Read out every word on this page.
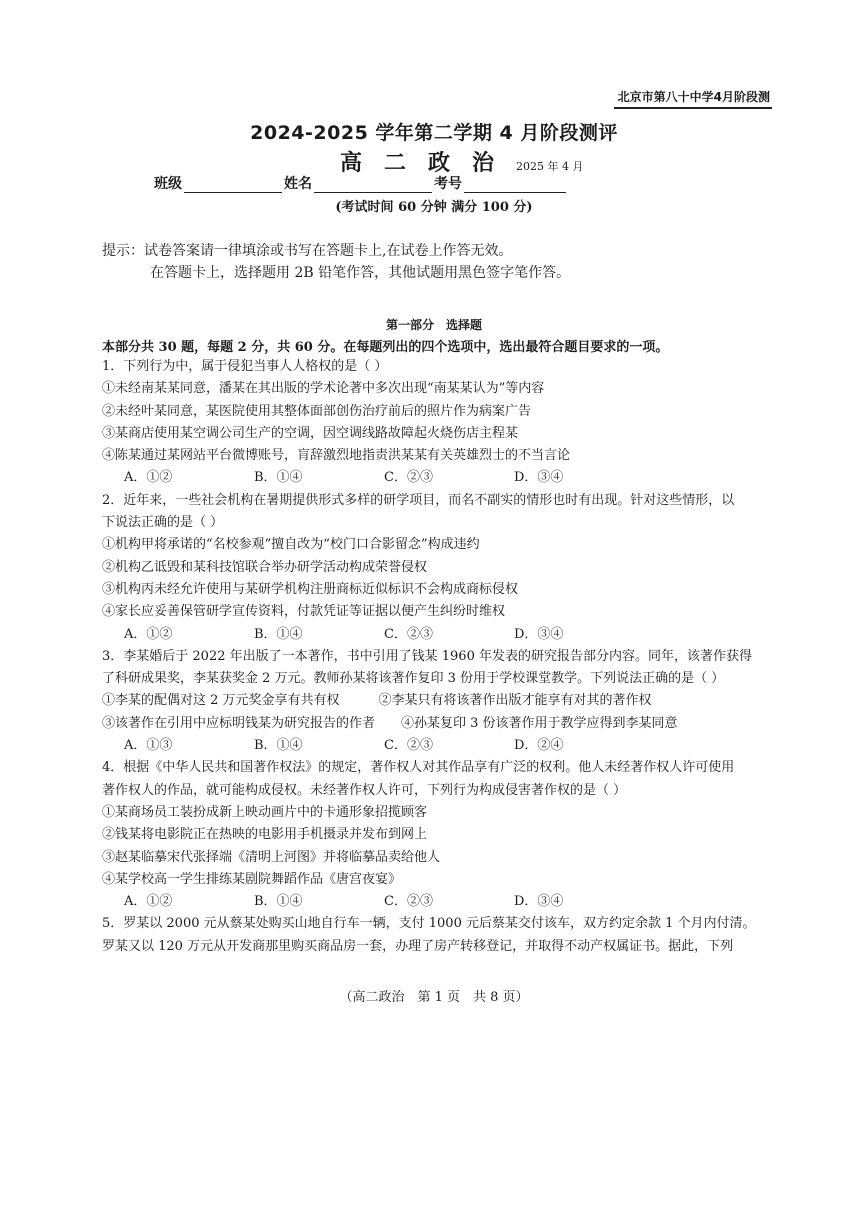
北京市第八十中学4月阶段测
2024-2025 学年第二学期 4 月阶段测评
高二政治 2025 年 4 月
班级	姓名	考号
(考试时间 60 分钟 满分 100 分)
提示：试卷答案请一律填涂或书写在答题卡上,在试卷上作答无效。
在答题卡上，选择题用 2B 铅笔作答，其他试题用黑色签字笔作答。
第一部分　选择题
本部分共 30 题，每题 2 分，共 60 分。在每题列出的四个选项中，选出最符合题目要求的一项。
1．下列行为中，属于侵犯当事人人格权的是（ ）
①未经南某某同意，潘某在其出版的学术论著中多次出现“南某某认为”等内容
②未经叶某同意，某医院使用其整体面部创伤治疗前后的照片作为病案广告
③某商店使用某空调公司生产的空调，因空调线路故障起火烧伤店主程某
④陈某通过某网站平台微博账号，肓辞激烈地指责洪某某有关英雄烈士的不当言论
A．①②	B．①④	C．②③	D．③④
2．近年来，一些社会机构在暑期提供形式多样的研学项目，而名不副实的情形也时有出现。针对这些情形，以
下说法正确的是（ ）
①机构甲将承诺的“名校参观”擅自改为“校门口合影留念”构成违约
②机构乙诋毁和某科技馆联合举办研学活动构成荣誉侵权
③机构丙未经允许使用与某研学机构注册商标近似标识不会构成商标侵权
④家长应妥善保管研学宣传资料，付款凭证等证据以便产生纠纷时维权
A．①②	B．①④	C．②③	D．③④
3．李某婚后于 2022 年出版了一本著作，书中引用了钱某 1960 年发表的研究报告部分内容。同年，该著作获得
了科研成果奖，李某获奖金 2 万元。教师孙某将该著作复印 3 份用于学校课堂教学。下列说法正确的是（ ）
①李某的配偶对这 2 万元奖金享有共有权　　　②李某只有将该著作出版才能享有对其的著作权
③该著作在引用中应标明钱某为研究报告的作者　　④孙某复印 3 份该著作用于教学应得到李某同意
A．①③	B．①④	C．②③	D．②④
4．根据《中华人民共和国著作权法》的规定，著作权人对其作品享有广泛的权利。他人未经著作权人许可使用
著作权人的作品，就可能构成侵权。未经著作权人许可，下列行为构成侵害著作权的是（ ）
①某商场员工装扮成新上映动画片中的卡通形象招揽顾客
②钱某将电影院正在热映的电影用手机摄录并发布到网上
③赵某临摹宋代张择端《清明上河图》并将临摹品卖给他人
④某学校高一学生排练某剧院舞蹈作品《唐宫夜宴》
A．①②	B．①④	C．②③	D．③④
5．罗某以 2000 元从蔡某处购买山地自行车一辆，支付 1000 元后蔡某交付该车，双方约定余款 1 个月内付清。
罗某又以 120 万元从开发商那里购买商品房一套，办理了房产转移登记，并取得不动产权属证书。据此，下列
（高二政治　第 1 页　共 8 页）
